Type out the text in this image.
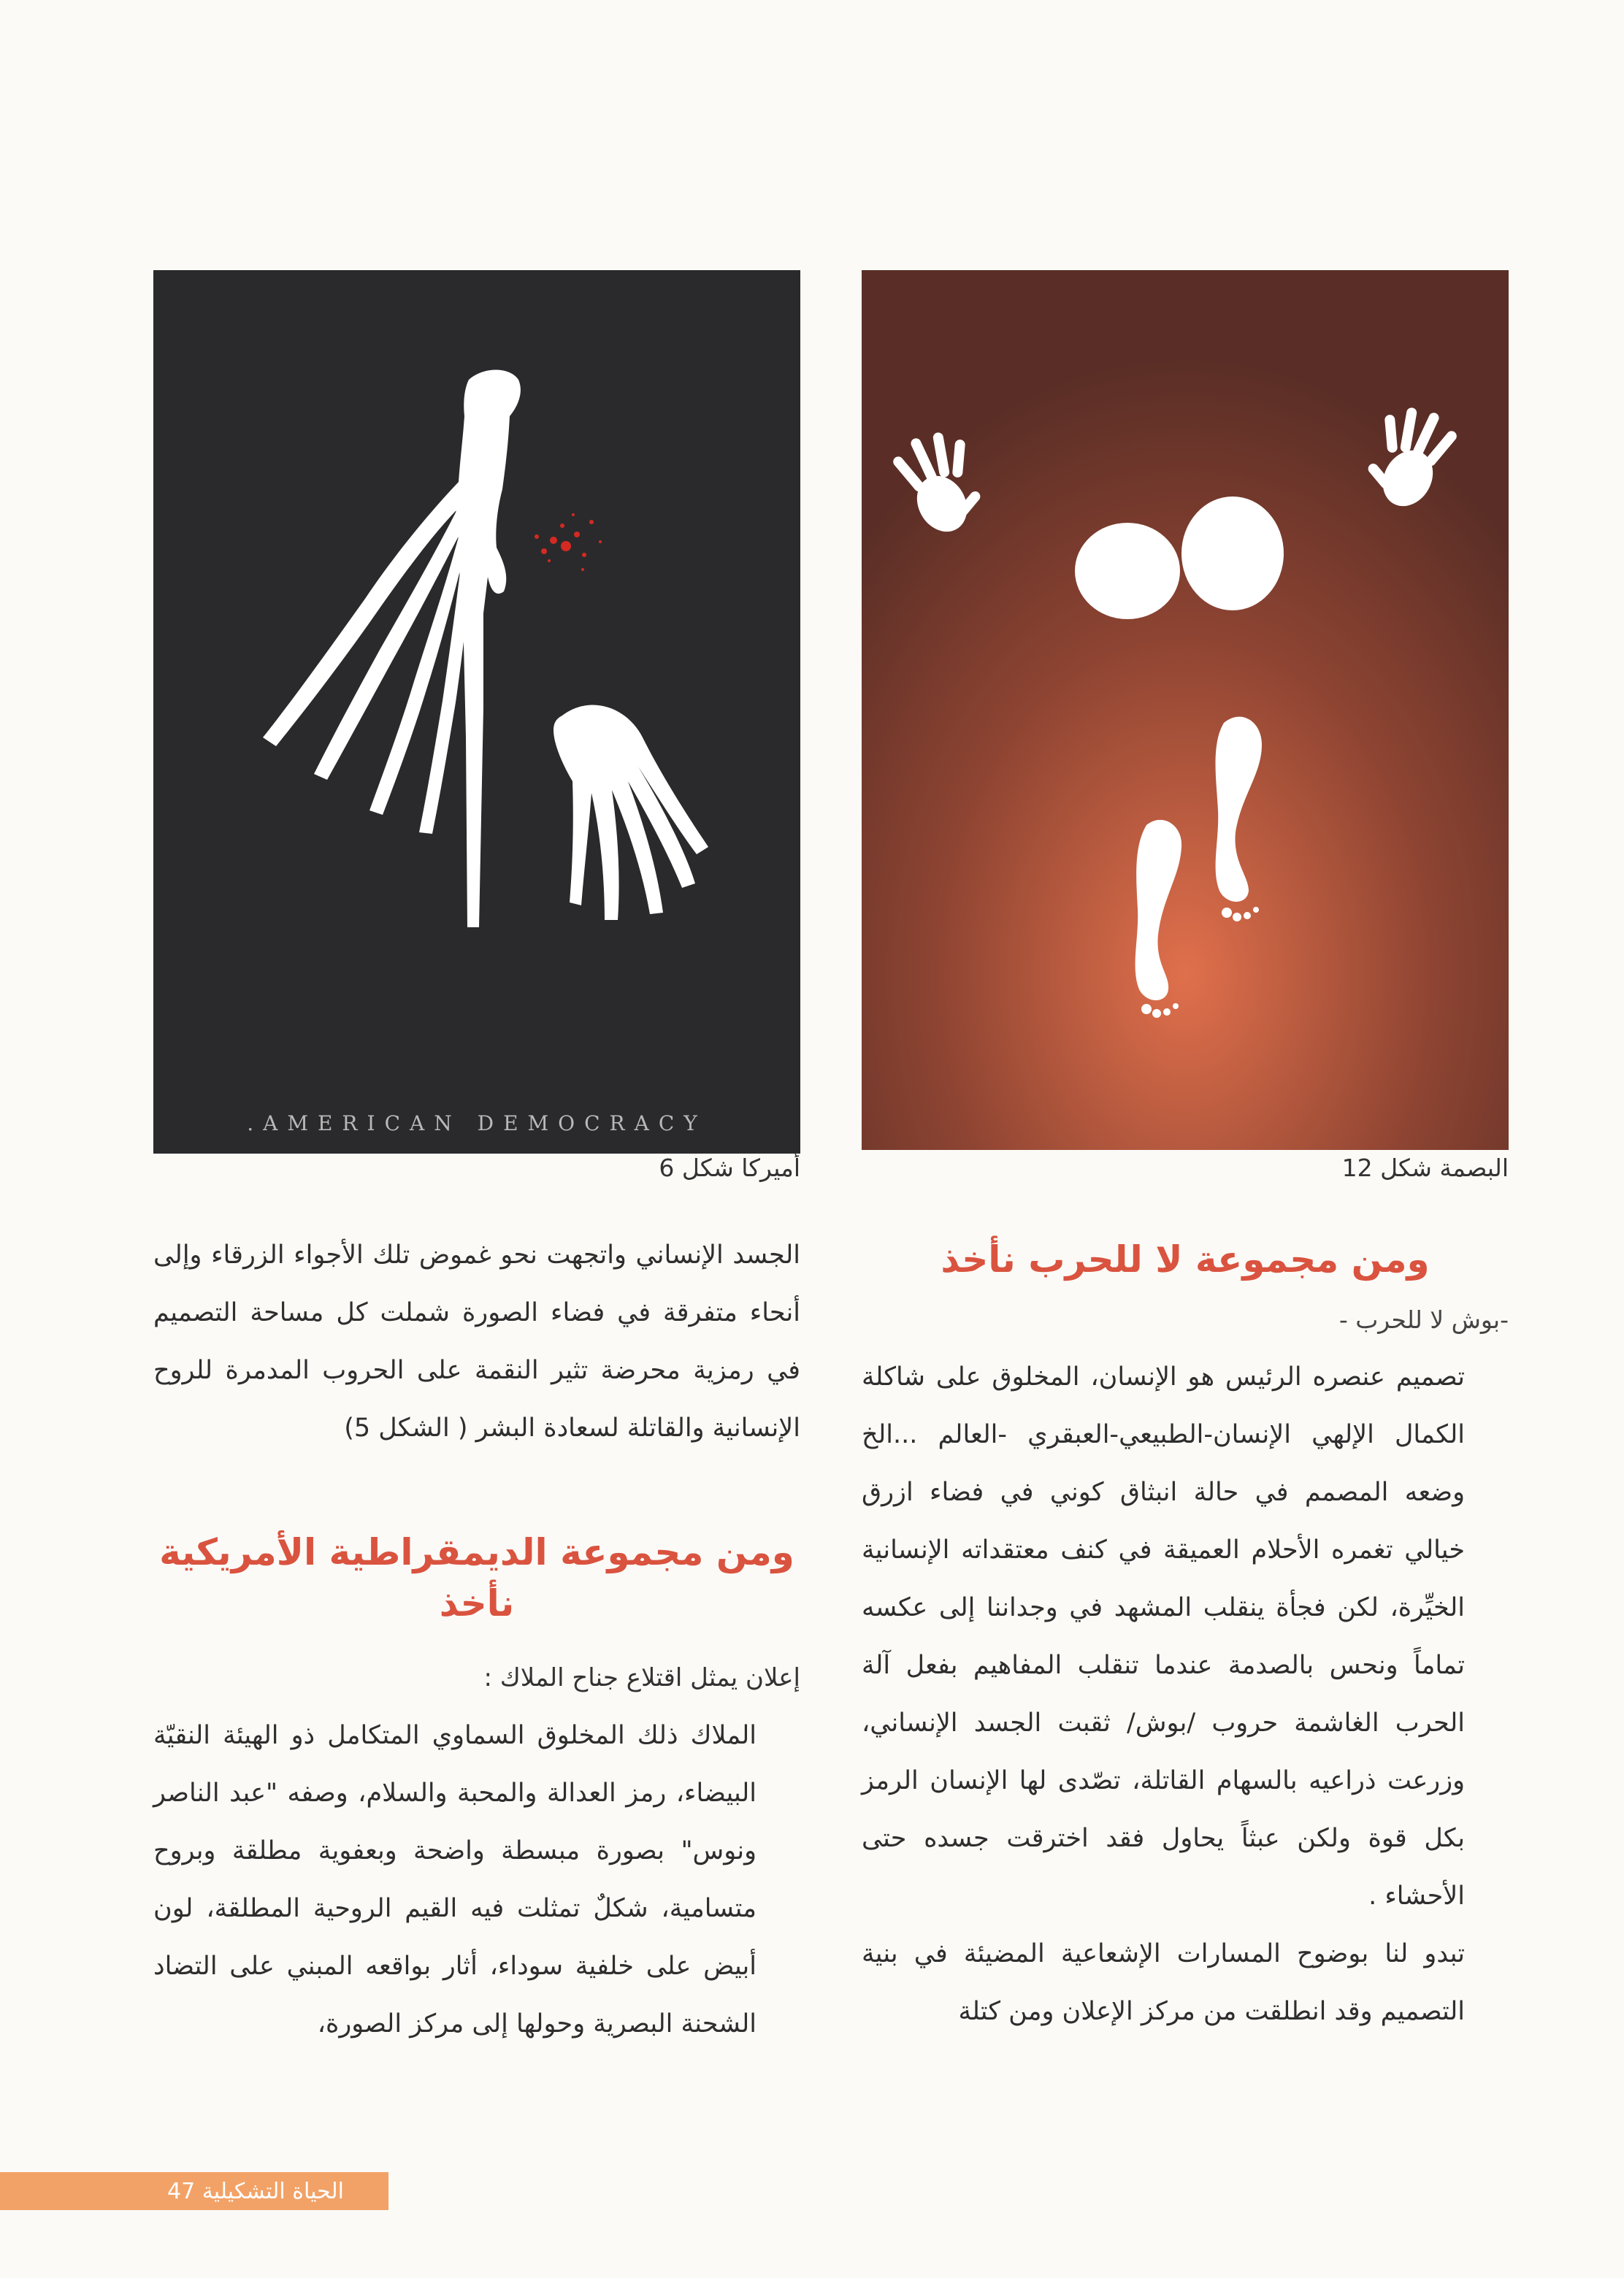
.AMERICAN DEMOCRACY
أميركا شكل 6	البصمة شكل 12
ومن مجموعة لا للحرب نأخذ

-بوش لا للحرب -

تصميم عنصره الرئيس هو الإنسان، المخلوق على شاكلة الكمال الإلهي الإنسان-الطبيعي-العبقري -العالم ...الخ وضعه المصمم في حالة انبثاق كوني في فضاء ازرق خيالي تغمره الأحلام العميقة في كنف معتقداته الإنسانية الخيِّرة، لكن فجأة ينقلب المشهد في وجداننا إلى عكسه تماماً ونحس بالصدمة عندما تنقلب المفاهيم بفعل آلة الحرب الغاشمة حروب /بوش/ ثقبت الجسد الإنساني، وزرعت ذراعيه بالسهام القاتلة، تصّدى لها الإنسان الرمز بكل قوة ولكن عبثاً يحاول فقد اخترقت جسده حتى الأحشاء .

تبدو لنا بوضوح المسارات الإشعاعية المضيئة في بنية التصميم وقد انطلقت من مركز الإعلان ومن كتلة

الجسد الإنساني واتجهت نحو غموض تلك الأجواء الزرقاء وإلى أنحاء متفرقة في فضاء الصورة شملت كل مساحة التصميم في رمزية محرضة تثير النقمة على الحروب المدمرة للروح الإنسانية والقاتلة لسعادة البشر ( الشكل 5)

ومن مجموعة الديمقراطية الأمريكية نأخذ

إعلان يمثل اقتلاع جناح الملاك :

الملاك ذلك المخلوق السماوي المتكامل ذو الهيئة النقيّة البيضاء، رمز العدالة والمحبة والسلام، وصفه "عبد الناصر ونوس" بصورة مبسطة واضحة وبعفوية مطلقة وبروح متسامية، شكلٌ تمثلت فيه القيم الروحية المطلقة، لون أبيض على خلفية سوداء، أثار بواقعه المبني على التضاد الشحنة البصرية وحولها إلى مركز الصورة،

الحياة التشكيلية 47
